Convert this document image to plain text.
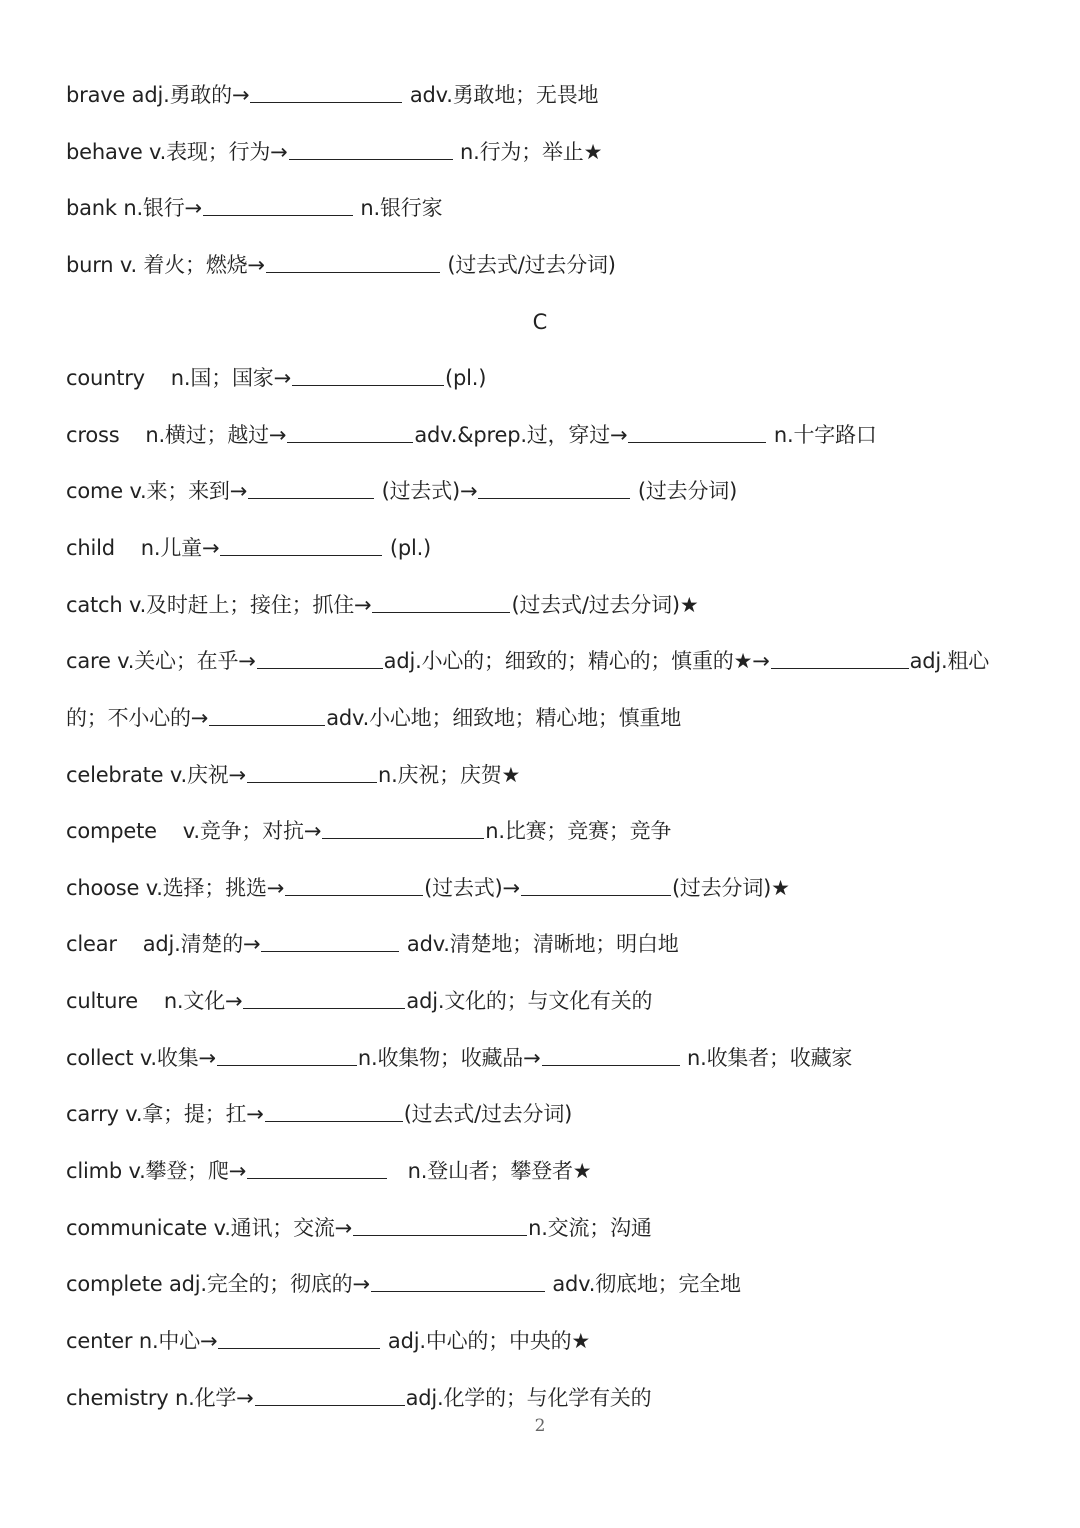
brave adj.勇敢的→	adv.勇敢地；无畏地
behave v.表现；行为→	n.行为；举止★
bank n.银行→	n.银行家
burn v. 着火；燃烧→	(过去式/过去分词)
C
country    n.国；国家→	(pl.)
cross    n.横过；越过→	adv.&prep.过，穿过→	n.十字路口
come v.来；来到→	(过去式)→	(过去分词)
child    n.儿童→	(pl.)
catch v.及时赶上；接住；抓住→	(过去式/过去分词)★
care v.关心；在乎→	adj.小心的；细致的；精心的；慎重的★→	adj.粗心
的；不小心的→	adv.小心地；细致地；精心地；慎重地
celebrate v.庆祝→	n.庆祝；庆贺★
compete    v.竞争；对抗→	n.比赛；竞赛；竞争
choose v.选择；挑选→	(过去式)→	(过去分词)★
clear    adj.清楚的→	adv.清楚地；清晰地；明白地
culture    n.文化→	adj.文化的；与文化有关的
collect v.收集→	n.收集物；收藏品→	n.收集者；收藏家
carry v.拿；提；扛→	(过去式/过去分词)
climb v.攀登；爬→	n.登山者；攀登者★
communicate v.通讯；交流→	n.交流；沟通
complete adj.完全的；彻底的→	adv.彻底地；完全地
center n.中心→	adj.中心的；中央的★
chemistry n.化学→	adj.化学的；与化学有关的
2
